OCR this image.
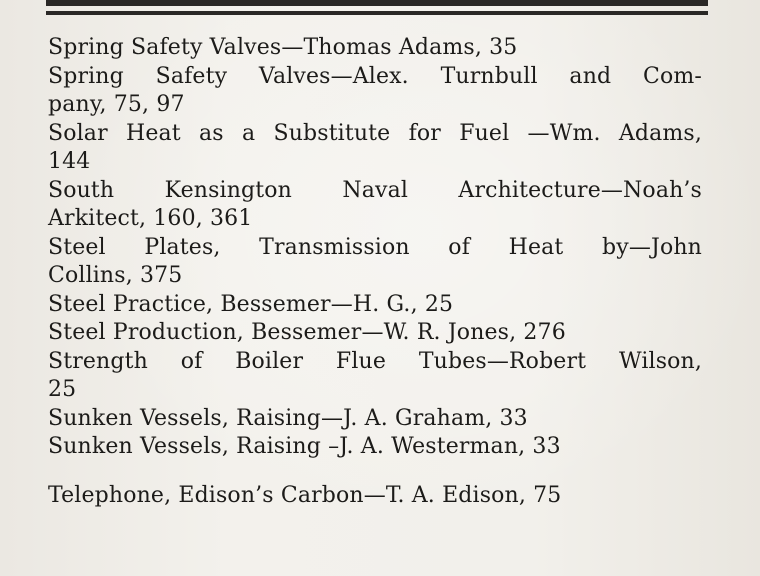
Spring Safety Valves—Thomas Adams, 35

Spring Safety Valves—Alex. Turnbull and Com-
pany, 75, 97

Solar Heat as a Substitute for Fuel —Wm. Adams,
144

South Kensington Naval Architecture—Noah’s
Arkitect, 160, 361

Steel Plates, Transmission of Heat by—John
Collins, 375

Steel Practice, Bessemer—H. G., 25

Steel Production, Bessemer—W. R. Jones, 276

Strength of Boiler Flue Tubes—Robert Wilson,
25

Sunken Vessels, Raising—J. A. Graham, 33

Sunken Vessels, Raising –J. A. Westerman, 33

Telephone, Edison’s Carbon—T. A. Edison, 75
